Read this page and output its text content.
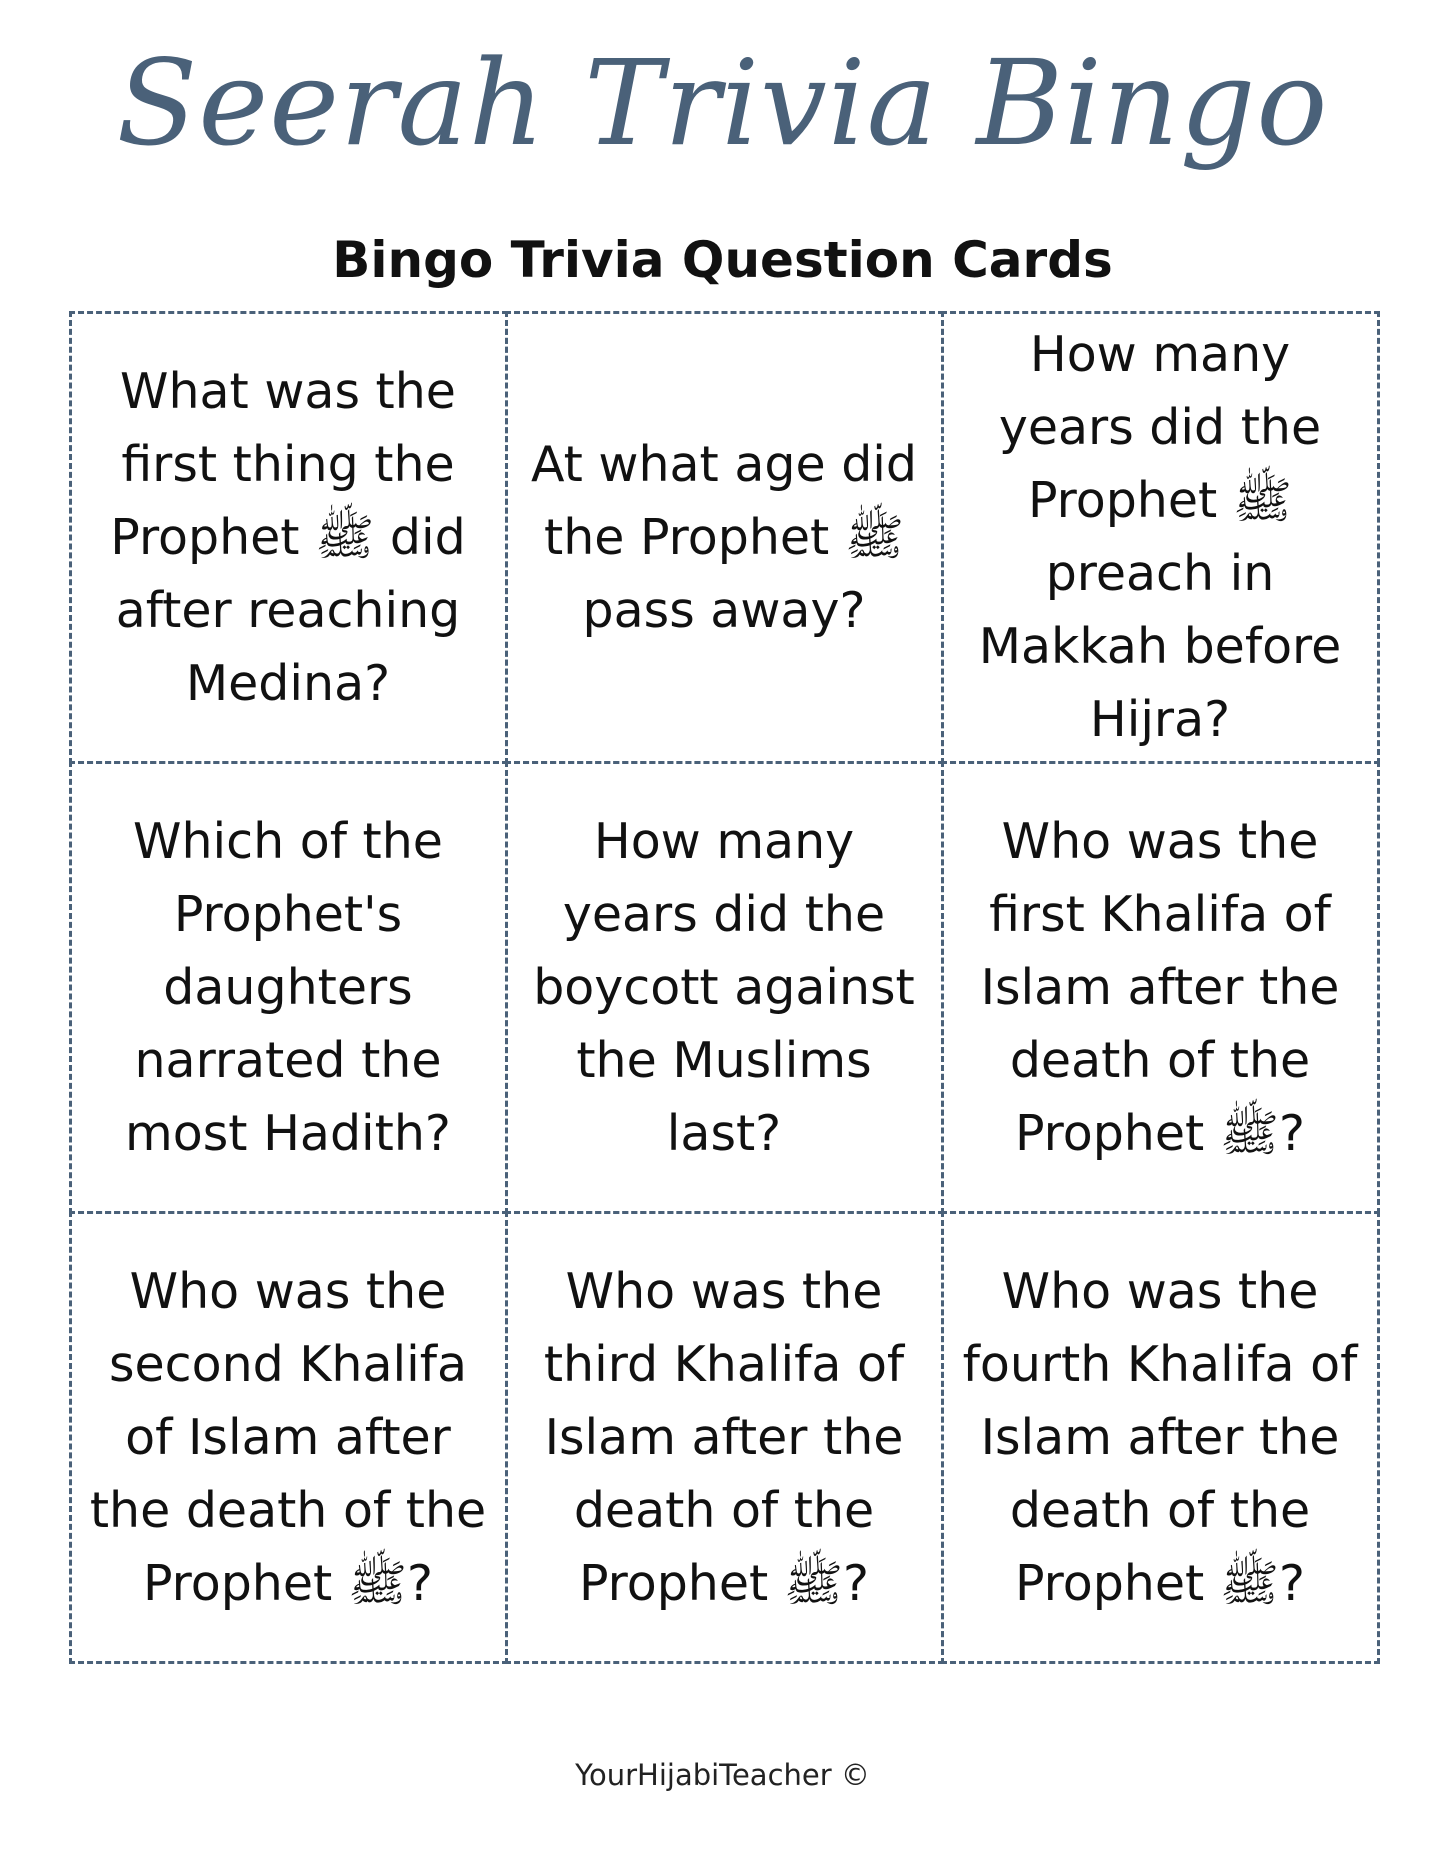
Seerah Trivia Bingo
Bingo Trivia Question Cards
What was the first thing the Prophet ﷺ did after reaching Medina?
At what age did the Prophet ﷺ pass away?
How many years did the Prophet ﷺ preach in Makkah before Hijra?
Which of the Prophet's daughters narrated the most Hadith?
How many years did the boycott against the Muslims last?
Who was the first Khalifa of Islam after the death of the Prophet ﷺ?
Who was the second Khalifa of Islam after the death of the Prophet ﷺ?
Who was the third Khalifa of Islam after the death of the Prophet ﷺ?
Who was the fourth Khalifa of Islam after the death of the Prophet ﷺ?
YourHijabiTeacher ©
